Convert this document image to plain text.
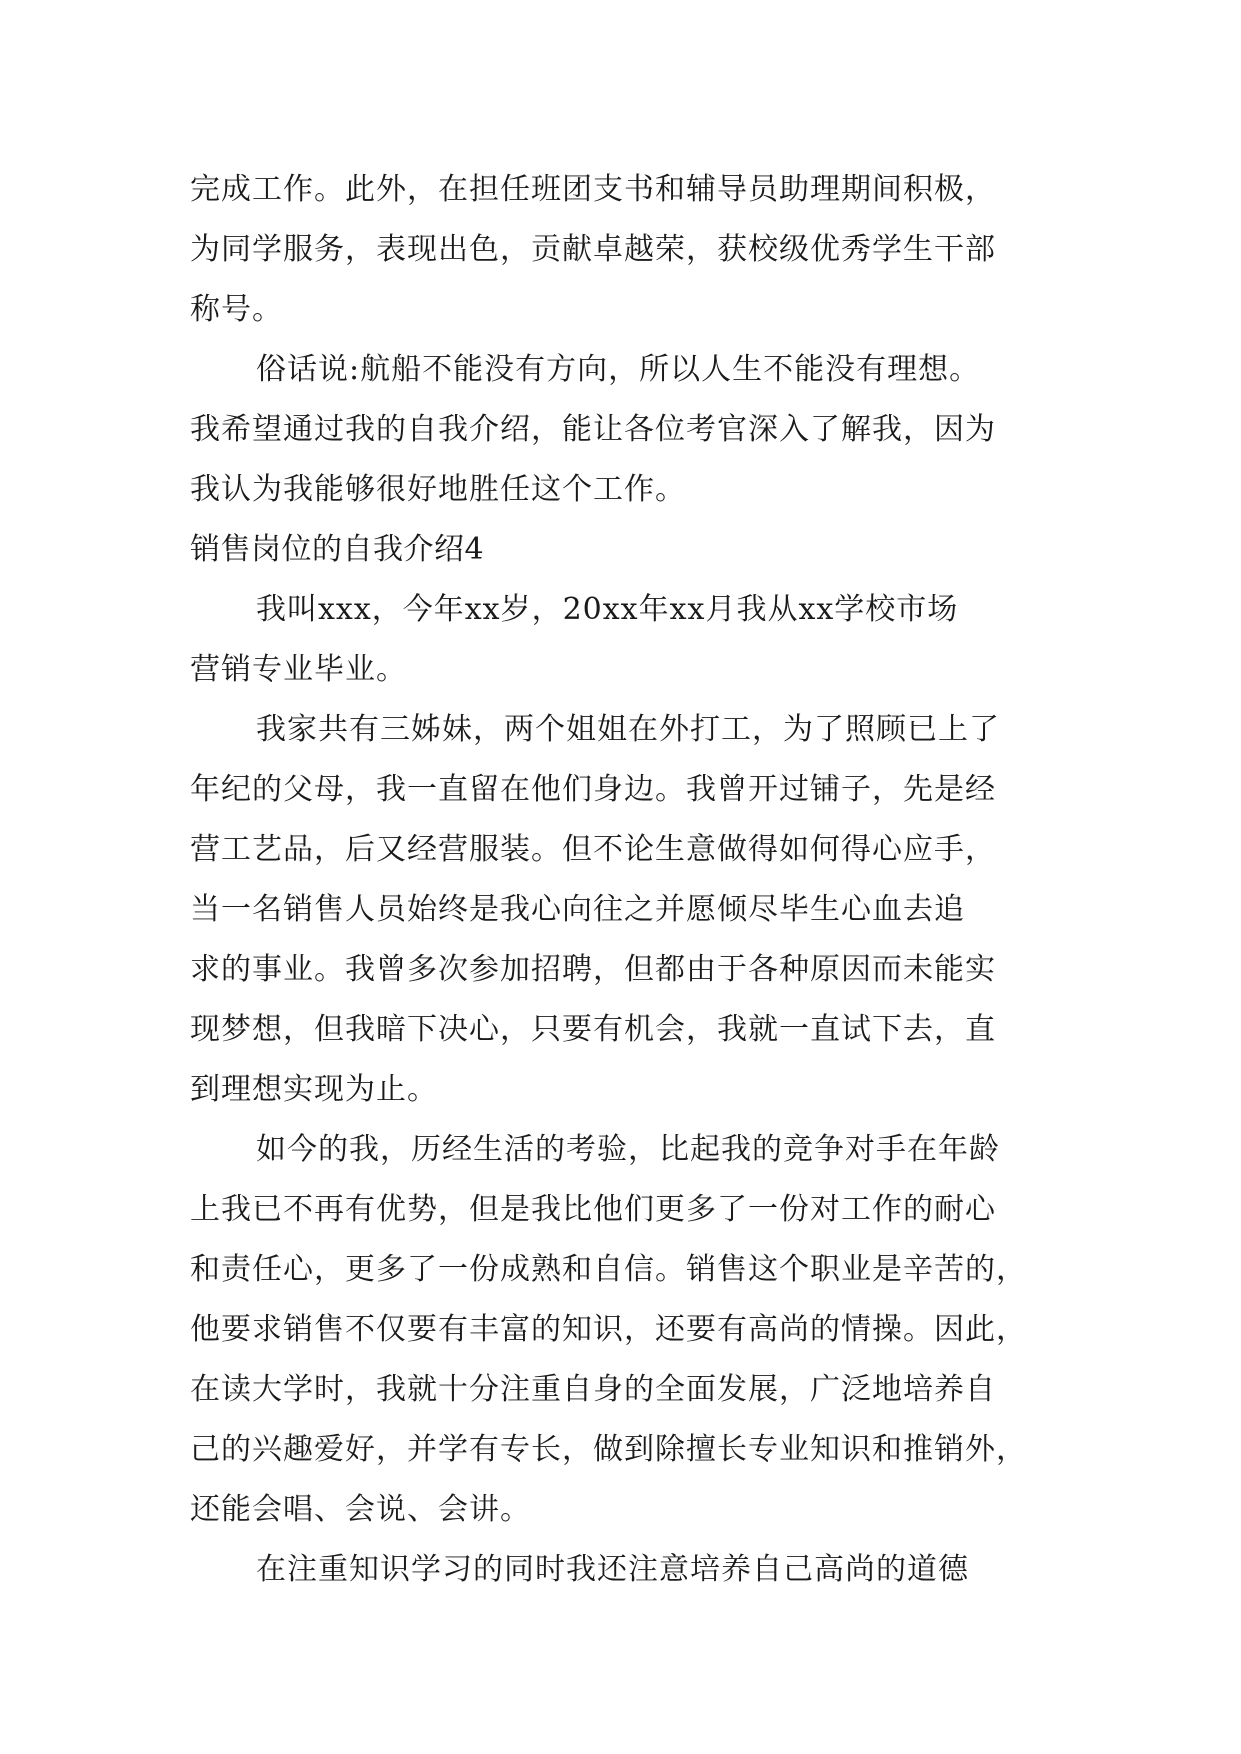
完成工作。此外，在担任班团支书和辅导员助理期间积极，
为同学服务，表现出色，贡献卓越荣，获校级优秀学生干部
称号。
俗话说:航船不能没有方向，所以人生不能没有理想。
我希望通过我的自我介绍，能让各位考官深入了解我，因为
我认为我能够很好地胜任这个工作。
销售岗位的自我介绍4
我叫xxx，今年xx岁，20xx年xx月我从xx学校市场
营销专业毕业。
我家共有三姊妹，两个姐姐在外打工，为了照顾已上了
年纪的父母，我一直留在他们身边。我曾开过铺子，先是经
营工艺品，后又经营服装。但不论生意做得如何得心应手，
当一名销售人员始终是我心向往之并愿倾尽毕生心血去追
求的事业。我曾多次参加招聘，但都由于各种原因而未能实
现梦想，但我暗下决心，只要有机会，我就一直试下去，直
到理想实现为止。
如今的我，历经生活的考验，比起我的竞争对手在年龄
上我已不再有优势，但是我比他们更多了一份对工作的耐心
和责任心，更多了一份成熟和自信。销售这个职业是辛苦的，
他要求销售不仅要有丰富的知识，还要有高尚的情操。因此，
在读大学时，我就十分注重自身的全面发展，广泛地培养自
己的兴趣爱好，并学有专长，做到除擅长专业知识和推销外，
还能会唱、会说、会讲。
在注重知识学习的同时我还注意培养自己高尚的道德
